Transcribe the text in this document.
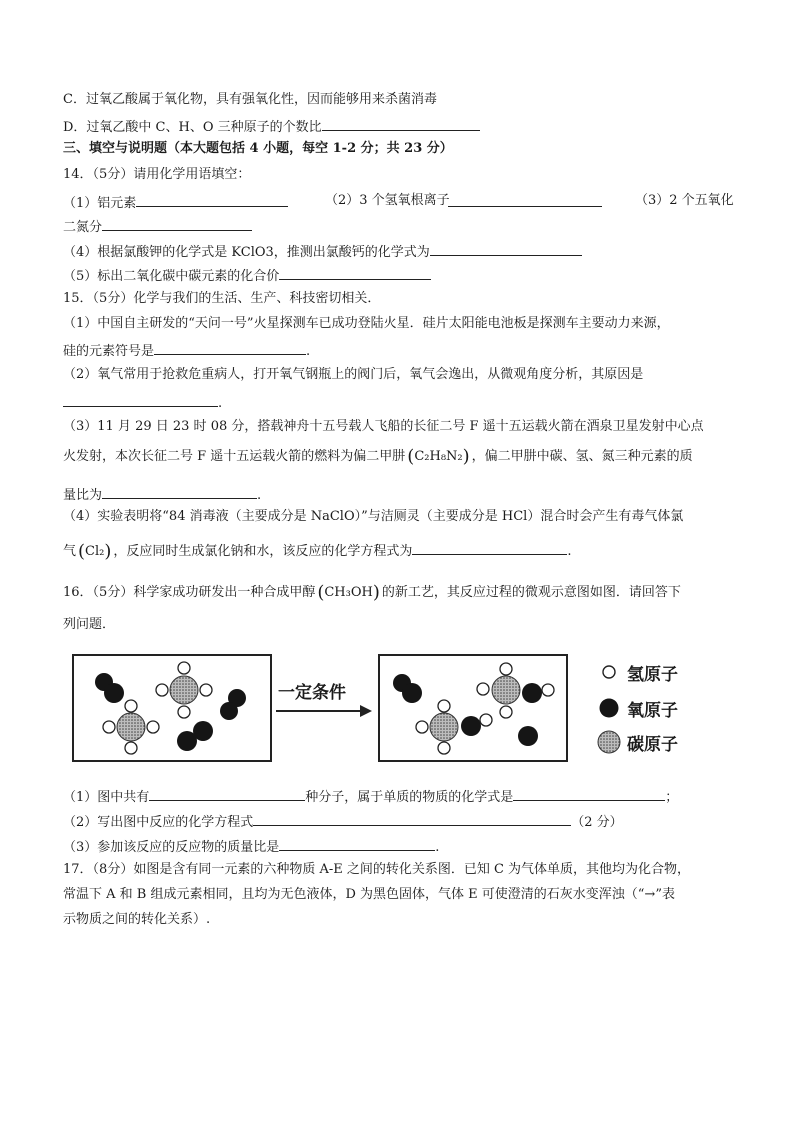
C．过氧乙酸属于氧化物，具有强氧化性，因而能够用来杀菌消毒
D．过氧乙酸中 C、H、O 三种原子的个数比
三、填空与说明题（本大题包括 4 小题，每空 1-2 分；共 23 分）
14．（5分）请用化学用语填空：
（1）铝元素	（2）3 个氢氧根离子	（3）2 个五氧化
二氮分
（4）根据氯酸钾的化学式是 KClO3，推测出氯酸钙的化学式为
（5）标出二氧化碳中碳元素的化合价
15．（5分）化学与我们的生活、生产、科技密切相关．
（1）中国自主研发的“天问一号”火星探测车已成功登陆火星．硅片太阳能电池板是探测车主要动力来源，
硅的元素符号是	.
（2）氧气常用于抢救危重病人，打开氧气钢瓶上的阀门后，氧气会逸出，从微观角度分析，其原因是
.
（3）11 月 29 日 23 时 08 分，搭载神舟十五号载人飞船的长征二号 F 遥十五运载火箭在酒泉卫星发射中心点
火发射，本次长征二号 F 遥十五运载火箭的燃料为偏二甲肼 (C₂H₈N₂) ，偏二甲肼中碳、氢、氮三种元素的质
量比为	.
（4）实验表明将“84 消毒液（主要成分是 NaClO）”与洁厕灵（主要成分是 HCl）混合时会产生有毒气体氯
气 (Cl₂) ，反应同时生成氯化钠和水，该反应的化学方程式为	.
16．（5分）科学家成功研发出一种合成甲醇 (CH₃OH) 的新工艺，其反应过程的微观示意图如图．请回答下
列问题．
一定条件
氢原子
氧原子
碳原子
（1）图中共有	种分子，属于单质的物质的化学式是	；
（2）写出图中反应的化学方程式	（2 分）
（3）参加该反应的反应物的质量比是	.
17．（8分）如图是含有同一元素的六种物质 A-E 之间的转化关系图．已知 C 为气体单质，其他均为化合物，
常温下 A 和 B 组成元素相同，且均为无色液体，D 为黑色固体，气体 E 可使澄清的石灰水变浑浊（“→”表
示物质之间的转化关系）.
